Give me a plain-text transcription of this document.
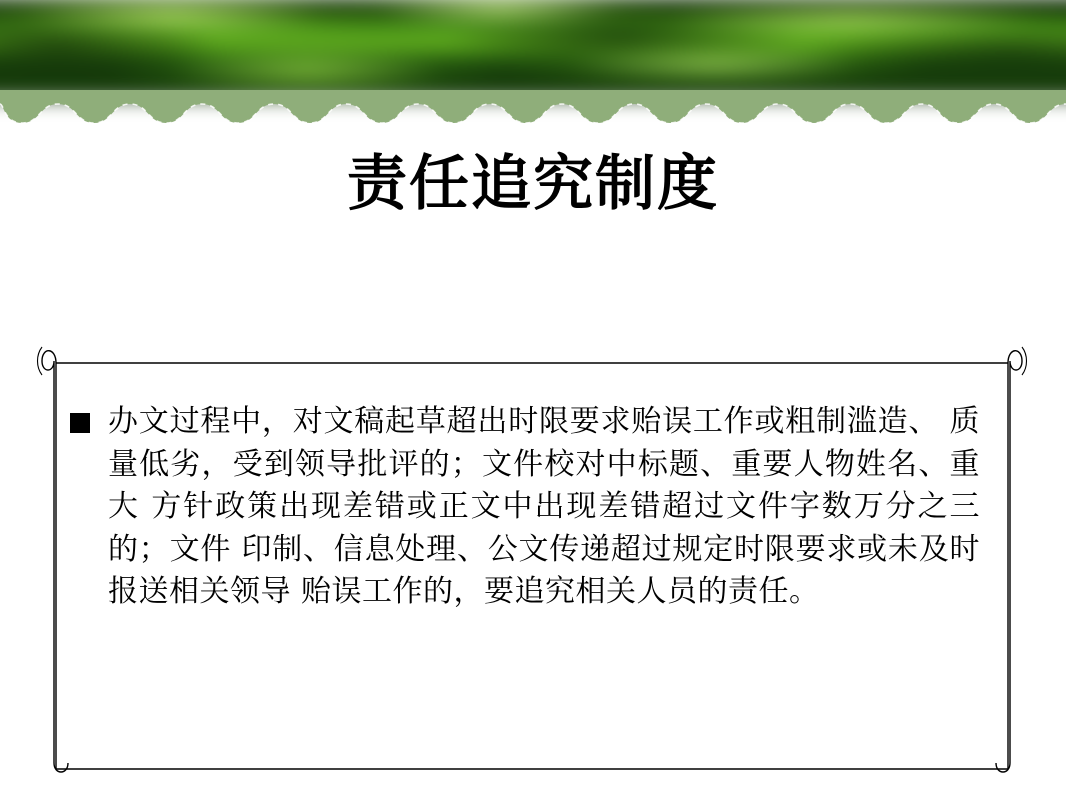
责任追究制度
办文过程中，对文稿起草超出时限要求贻误工作或粗制滥造、 质量低劣，受到领导批评的；文件校对中标题、重要人物姓名、重大 方针政策出现差错或正文中出现差错超过文件字数万分之三的；文件 印制、信息处理、公文传递超过规定时限要求或未及时报送相关领导 贻误工作的，要追究相关人员的责任。
